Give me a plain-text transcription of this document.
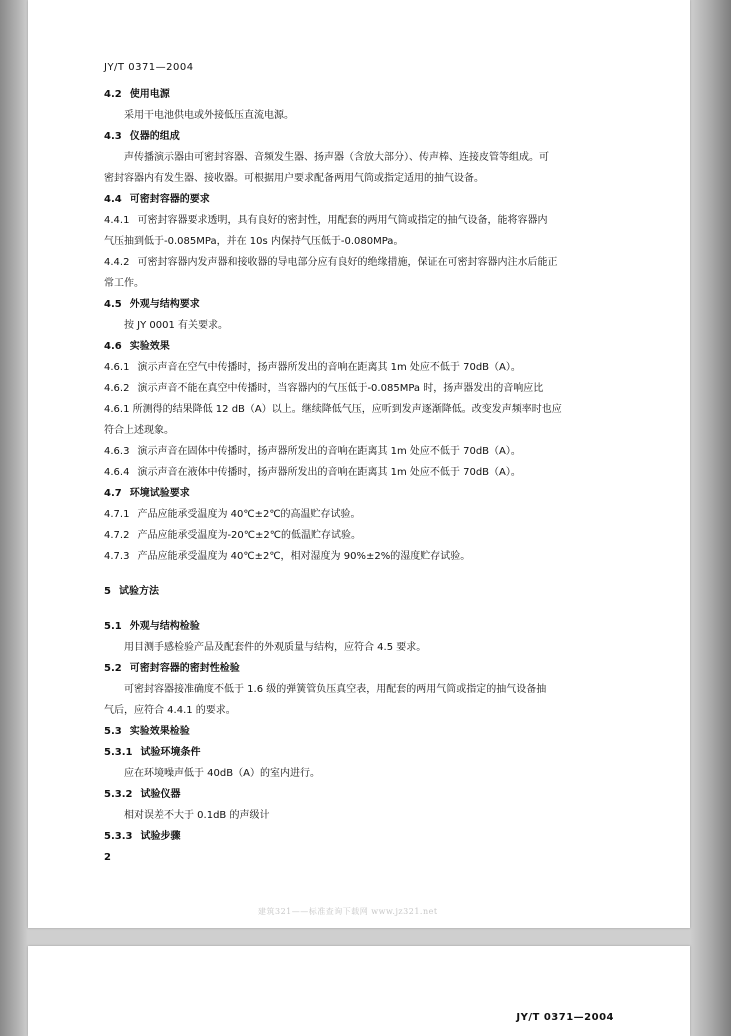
JY/T 0371—2004
4.2 使用电源
采用干电池供电或外接低压直流电源。
4.3 仪器的组成
声传播演示器由可密封容器、音频发生器、扬声器（含放大部分）、传声棒、连接皮管等组成。可
密封容器内有发生器、接收器。可根据用户要求配备两用气筒或指定适用的抽气设备。
4.4 可密封容器的要求
4.4.1 可密封容器要求透明，具有良好的密封性，用配套的两用气筒或指定的抽气设备，能将容器内
气压抽到低于-0.085MPa，并在 10s 内保持气压低于-0.080MPa。
4.4.2 可密封容器内发声器和接收器的导电部分应有良好的绝缘措施，保证在可密封容器内注水后能正
常工作。
4.5 外观与结构要求
按 JY 0001 有关要求。
4.6 实验效果
4.6.1 演示声音在空气中传播时，扬声器所发出的音响在距离其 1m 处应不低于 70dB（A）。
4.6.2 演示声音不能在真空中传播时，当容器内的气压低于-0.085MPa 时，扬声器发出的音响应比
4.6.1 所测得的结果降低 12 dB（A）以上。继续降低气压，应听到发声逐渐降低。改变发声频率时也应
符合上述现象。
4.6.3 演示声音在固体中传播时，扬声器所发出的音响在距离其 1m 处应不低于 70dB（A）。
4.6.4 演示声音在液体中传播时，扬声器所发出的音响在距离其 1m 处应不低于 70dB（A）。
4.7 环境试验要求
4.7.1 产品应能承受温度为 40℃±2℃的高温贮存试验。
4.7.2 产品应能承受温度为-20℃±2℃的低温贮存试验。
4.7.3 产品应能承受温度为 40℃±2℃，相对湿度为 90%±2%的湿度贮存试验。
5 试验方法
5.1 外观与结构检验
用目测手感检验产品及配套件的外观质量与结构，应符合 4.5 要求。
5.2 可密封容器的密封性检验
可密封容器接准确度不低于 1.6 级的弹簧管负压真空表，用配套的两用气筒或指定的抽气设备抽
气后，应符合 4.4.1 的要求。
5.3 实验效果检验
5.3.1 试验环境条件
应在环境噪声低于 40dB（A）的室内进行。
5.3.2 试验仪器
相对误差不大于 0.1dB 的声级计
5.3.3 试验步骤
2
建筑321——标准查询下载网 www.jz321.net
JY/T 0371—2004
